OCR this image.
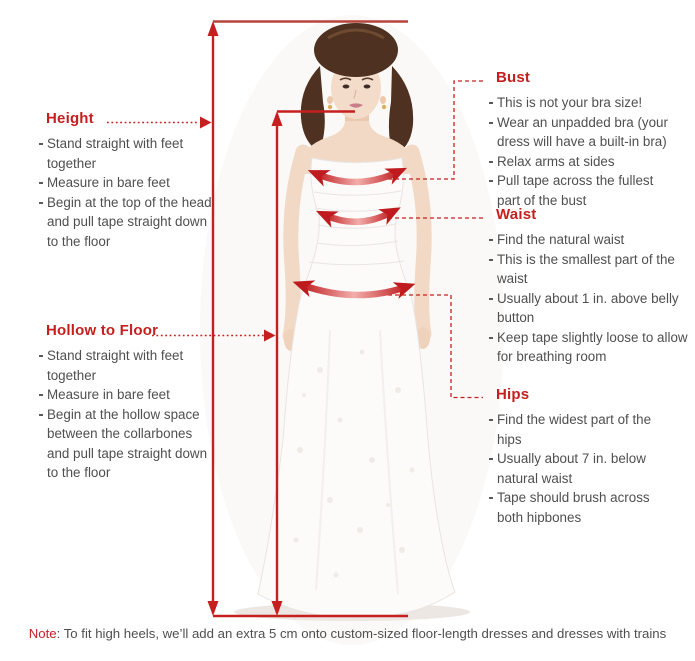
Height
Stand straight with feet together
Measure in bare feet
Begin at the top of the head and pull tape straight down to the floor
Hollow to Floor
Stand straight with feet together
Measure in bare feet
Begin at the hollow space between the collarbones and pull tape straight down to the floor
Bust
This is not your bra size!
Wear an unpadded bra (your dress will have a built-in bra)
Relax arms at sides
Pull tape across the fullest part of the bust
Waist
Find the natural waist
This is the smallest part of the waist
Usually about 1 in. above belly button
Keep tape slightly loose to allow for breathing room
Hips
Find the widest part of the hips
Usually about 7 in. below natural waist
Tape should brush across both hipbones
Note: To fit high heels, we’ll add an extra 5 cm onto custom-sized floor-length dresses and dresses with trains
